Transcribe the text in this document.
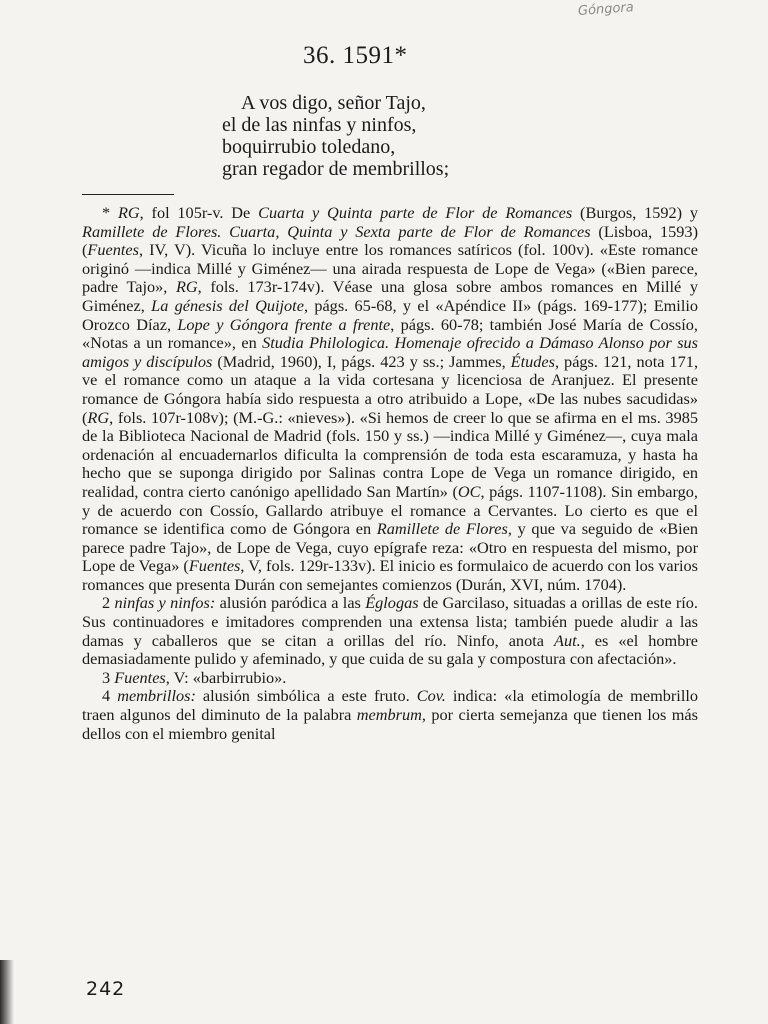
Góngora
36. 1591*
A vos digo, señor Tajo,
el de las ninfas y ninfos,
boquirrubio toledano,
gran regador de membrillos;

* RG, fol 105r-v. De Cuarta y Quinta parte de Flor de Romances (Burgos, 1592) y Ramillete de Flores. Cuarta, Quinta y Sexta parte de Flor de Romances (Lisboa, 1593) (Fuentes, IV, V). Vicuña lo incluye entre los romances satíricos (fol. 100v). «Este romance originó —indica Millé y Giménez— una airada respuesta de Lope de Vega» («Bien parece, padre Tajo», RG, fols. 173r-174v). Véase una glosa sobre ambos romances en Millé y Giménez, La génesis del Quijote, págs. 65-68, y el «Apéndice II» (págs. 169-177); Emilio Orozco Díaz, Lope y Góngora frente a frente, págs. 60-78; también José María de Cossío, «Notas a un romance», en Studia Philologica. Homenaje ofrecido a Dámaso Alonso por sus amigos y discípulos (Madrid, 1960), I, págs. 423 y ss.; Jammes, Études, págs. 121, nota 171, ve el romance como un ataque a la vida cortesana y licenciosa de Aranjuez. El presente romance de Góngora había sido respuesta a otro atribuido a Lope, «De las nubes sacudidas» (RG, fols. 107r-108v); (M.-G.: «nieves»). «Si hemos de creer lo que se afirma en el ms. 3985 de la Biblioteca Nacional de Madrid (fols. 150 y ss.) —indica Millé y Giménez—, cuya mala ordenación al encuadernarlos dificulta la comprensión de toda esta escaramuza, y hasta ha hecho que se suponga dirigido por Salinas contra Lope de Vega un romance dirigido, en realidad, contra cierto canónigo apellidado San Martín» (OC, págs. 1107-1108). Sin embargo, y de acuerdo con Cossío, Gallardo atribuye el romance a Cervantes. Lo cierto es que el romance se identifica como de Góngora en Ramillete de Flores, y que va seguido de «Bien parece padre Tajo», de Lope de Vega, cuyo epígrafe reza: «Otro en respuesta del mismo, por Lope de Vega» (Fuentes, V, fols. 129r-133v). El inicio es formulaico de acuerdo con los varios romances que presenta Durán con semejantes comienzos (Durán, XVI, núm. 1704).

2 ninfas y ninfos: alusión paródica a las Églogas de Garcilaso, situadas a orillas de este río. Sus continuadores e imitadores comprenden una extensa lista; también puede aludir a las damas y caballeros que se citan a orillas del río. Ninfo, anota Aut., es «el hombre demasiadamente pulido y afeminado, y que cuida de su gala y compostura con afectación».

3 Fuentes, V: «barbirrubio».

4 membrillos: alusión simbólica a este fruto. Cov. indica: «la etimología de membrillo traen algunos del diminuto de la palabra membrum, por cierta semejanza que tienen los más dellos con el miembro genital

242
